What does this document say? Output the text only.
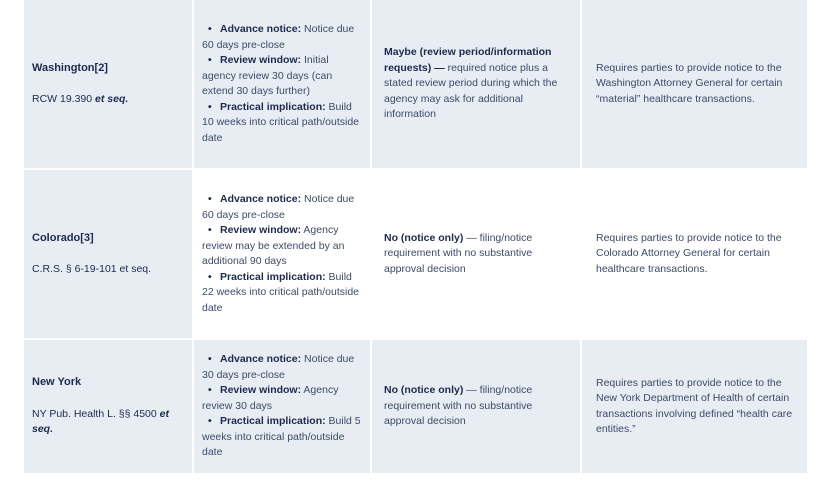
Washington[2]
RCW 19.390 et seq.
• Advance notice: Notice due 60 days pre-close
• Review window: Initial agency review 30 days (can extend 30 days further)
• Practical implication: Build 10 weeks into critical path/outside date
Maybe (review period/information requests) — required notice plus a stated review period during which the agency may ask for additional information
Requires parties to provide notice to the Washington Attorney General for certain “material” healthcare transactions.
Colorado[3]
C.R.S. § 6-19-101 et seq.
• Advance notice: Notice due 60 days pre-close
• Review window: Agency review may be extended by an additional 90 days
• Practical implication: Build 22 weeks into critical path/outside date
No (notice only) — filing/notice requirement with no substantive approval decision
Requires parties to provide notice to the Colorado Attorney General for certain healthcare transactions.
New York
NY Pub. Health L. §§ 4500 et seq.
• Advance notice: Notice due 30 days pre-close
• Review window: Agency review 30 days
• Practical implication: Build 5 weeks into critical path/outside date
No (notice only) — filing/notice requirement with no substantive approval decision
Requires parties to provide notice to the New York Department of Health of certain transactions involving defined “health care entities.”
